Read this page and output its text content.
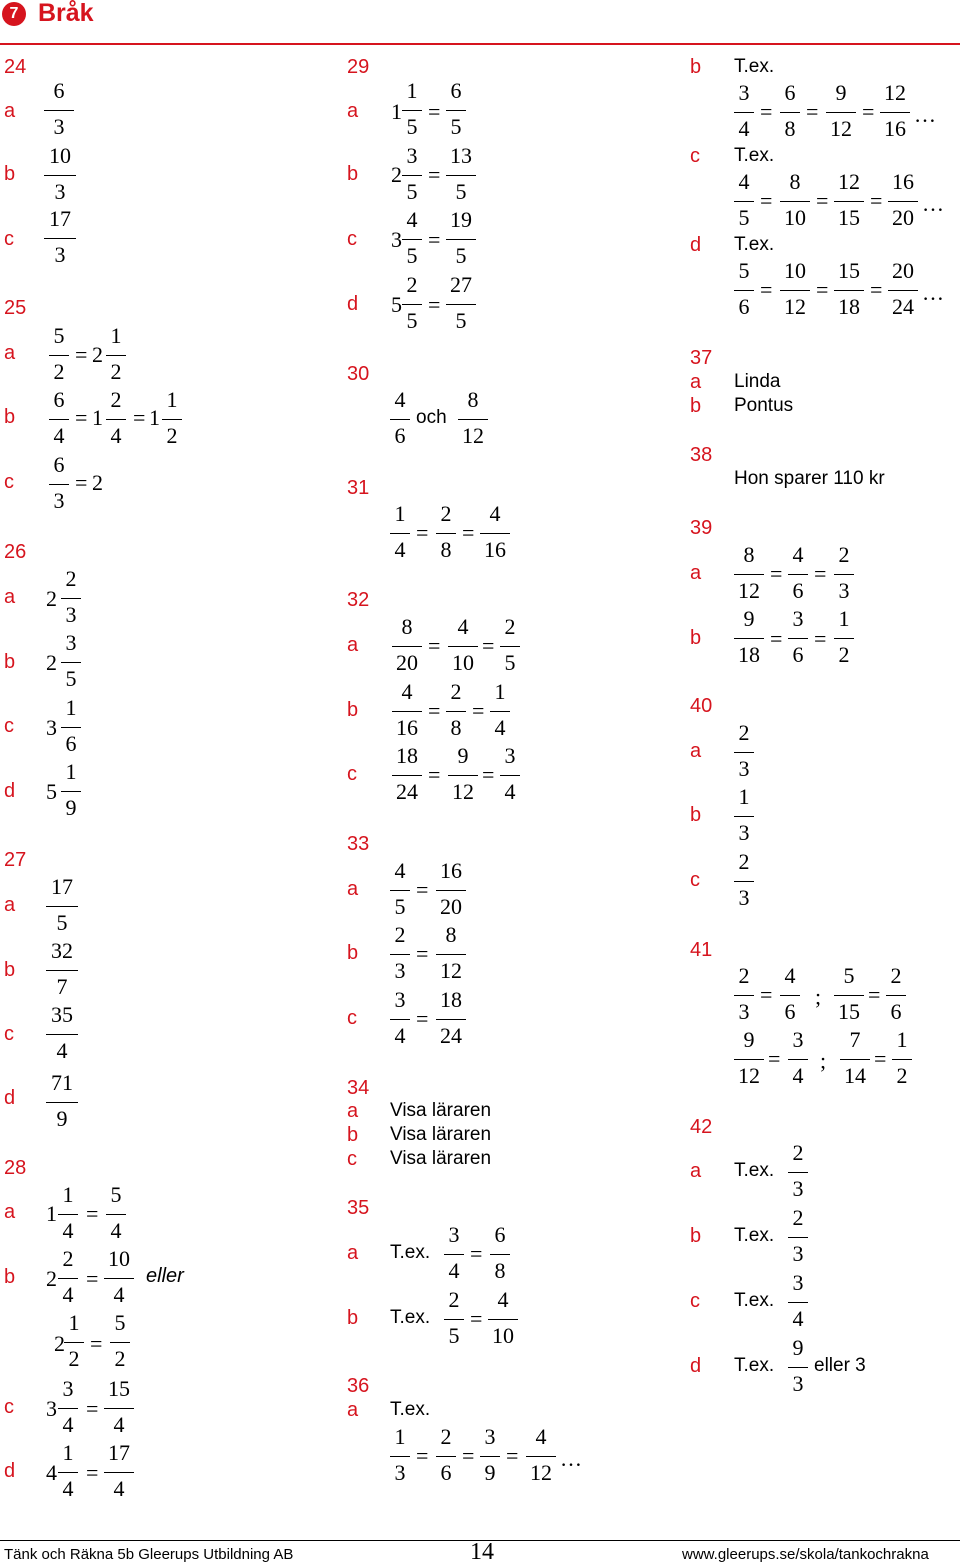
7 Bråk
24
a
6
3
b
10
3
c
17
3
25
a
5
2
= 2
1
2
b
6
4
= 1
2
4
= 1
1
2
c
6
3
= 2
26
a 2
2
3
b 2
3
5
c 3
1
6
d 5
1
9
27
a
17
5
b
32
7
c
35
4
d
71
9
28
a 1
1
4
=
5
4
b 2
2
4
=
10
4
eller
2
1
2
=
5
2
c 3
3
4
=
15
4
d 4
1
4
=
17
4
29
a 1
1
5
=
6
5
b 2
3
5
=
13
5
c 3
4
5
=
19
5
d 5
2
5
=
27
5
30
4
6
och
8
12
31
1
4
=
2
8
=
4
16
32
a
8
20
=
4
10
=
2
5
b
4
16
=
2
8
=
1
4
c
18
24
=
9
12
=
3
4
33
a
4
5
=
16
20
b
2
3
=
8
12
c
3
4
=
18
24
34
a Visa läraren
b Visa läraren
c Visa läraren
35
a T.ex.
3
4
=
6
8
b T.ex.
2
5
=
4
10
36
a T.ex.
1
3
=
2
6
=
3
9
=
4
12
…
b T.ex.
3
4
=
6
8
=
9
12
=
12
16
…
c T.ex.
4
5
=
8
10
=
12
15
=
16
20
…
d T.ex.
5
6
=
10
12
=
15
18
=
20
24
…
37
a Linda
b Pontus
38
Hon sparer 110 kr
39
a
8
12
=
4
6
=
2
3
b
9
18
=
3
6
=
1
2
40
a
2
3
b
1
3
c
2
3
41
2
3
=
4
6
;
5
15
=
2
6
9
12
=
3
4
;
7
14
=
1
2
42
a T.ex.
2
3
b T.ex.
2
3
c T.ex.
3
4
d T.ex.
9
3
eller 3
Tänk och Räkna 5b Gleerups Utbildning AB	14	www.gleerups.se/skola/tankochrakna
